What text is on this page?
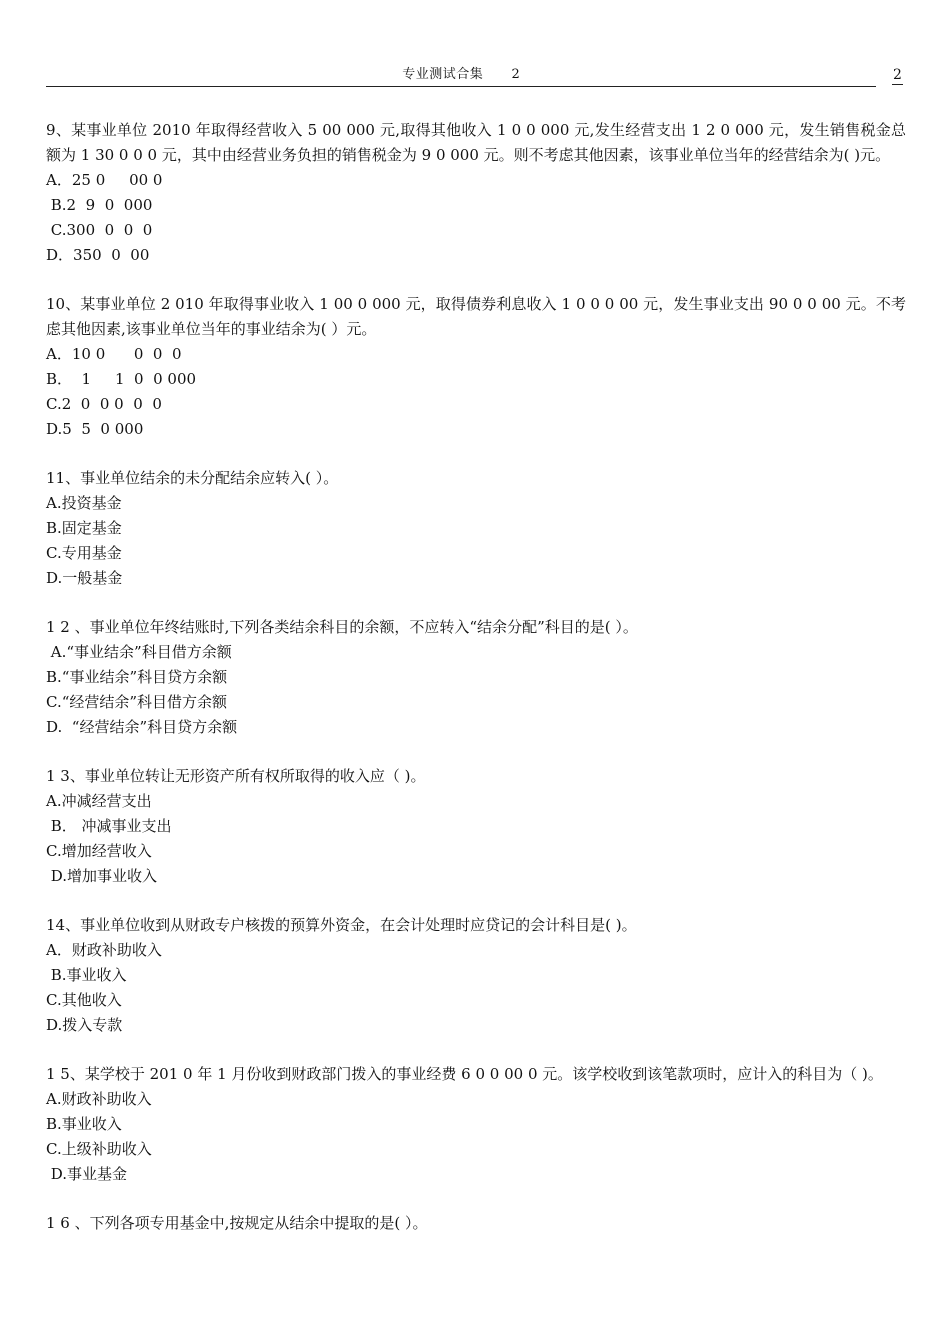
专业测试合集 2	2
9、某事业单位 2010 年取得经营收入 5 00 000 元,取得其他收入 1 0 0 000 元,发生经营支出 1 2 0 000 元，发生销售税金总额为 1 30 0 0 0 元，其中由经营业务负担的销售税金为 9 0 000 元。则不考虑其他因素，该事业单位当年的经营结余为( )元。
A．25 0     00 0
B.2  9  0  000
C.300  0  0  0
D．350  0  00
10、某事业单位 2 010 年取得事业收入 1 00 0 000 元，取得债券利息收入 1 0 0 0 00 元，发生事业支出 90 0 0 00 元。不考虑其他因素,该事业单位当年的事业结余为( ）元。
A．10 0      0  0  0
B．  1     1  0  0 000
C.2  0  0 0  0  0
D.5  5  0 000
11、事业单位结余的未分配结余应转入( ）。
A.投资基金
B.固定基金
C.专用基金
D.一般基金
1 2 、事业单位年终结账时,下列各类结余科目的余额，不应转入“结余分配”科目的是( ）。
A.“事业结余”科目借方余额
B.“事业结余”科目贷方余额
C.“经营结余”科目借方余额
D.  “经营结余”科目贷方余额
1 3、事业单位转让无形资产所有权所取得的收入应（ )。
A.冲减经营支出
B． 冲减事业支出
C.增加经营收入
D.增加事业收入
14、事业单位收到从财政专户核拨的预算外资金，在会计处理时应贷记的会计科目是( )。
A．财政补助收入
B.事业收入
C.其他收入
D.拨入专款
1 5、某学校于 201 0 年 1 月份收到财政部门拨入的事业经费 6 0 0 00 0 元。该学校收到该笔款项时，应计入的科目为（ )。
A.财政补助收入
B.事业收入
C.上级补助收入
D.事业基金
1 6 、下列各项专用基金中,按规定从结余中提取的是( ）。
